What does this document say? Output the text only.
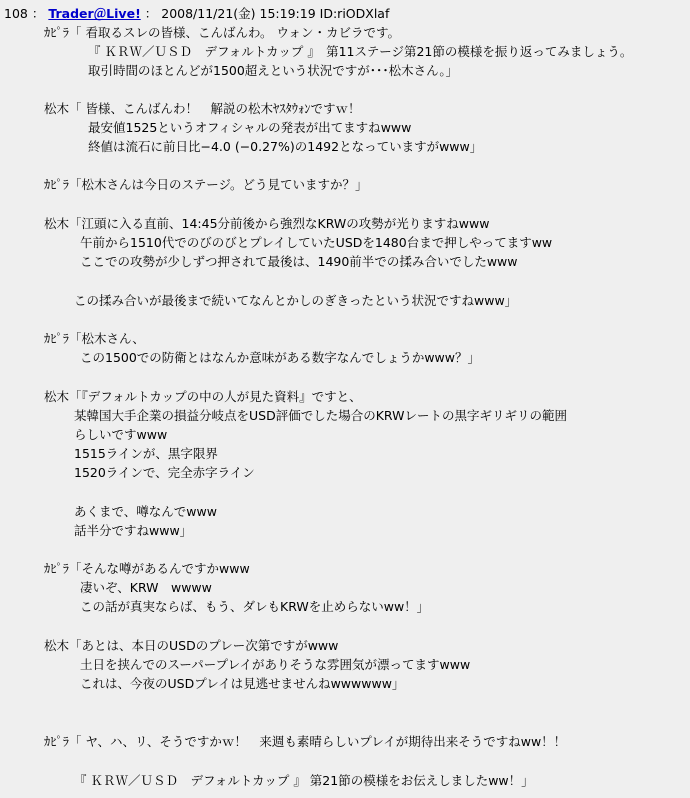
108 ： Trader＠Live! ： 2008/11/21(金) 15:19:19 ID:riODXlaf
ｶﾋﾟﾗ「 看取るスレの皆様、こんばんわ。 ウォン・カビラです。
『 ＫＲＷ／ＵＳＤ　デフォルトカップ 』　第11ステージ第21節の模様を振り返ってみましょう。
取引時間のほとんどが1500超えという状況ですが･･･松木さん。」
松木「 皆様、こんばんわ！　解説の松木ﾔｽﾀｳｫﾝですｗ！
最安値1525というオフィシャルの発表が出てますねwww
終値は流石に前日比−4.0 (−0.27%)の1492となっていますがwww」
ｶﾋﾟﾗ「松木さんは今日のステージ。どう見ていますか？」
松木「江頭に入る直前、14:45分前後から強烈なKRWの攻勢が光りますねwww
午前から1510代でのびのびとプレイしていたUSDを1480台まで押しやってますww
ここでの攻勢が少しずつ押されて最後は、1490前半での揉み合いでしたwww
この揉み合いが最後まで続いてなんとかしのぎきったという状況ですねwww」
ｶﾋﾟﾗ「松木さん、
この1500での防衛とはなんか意味がある数字なんでしょうかwww？」
松木「『デフォルトカップの中の人が見た資料』ですと、
某韓国大手企業の損益分岐点をUSD評価でした場合のKRWレートの黒字ギリギリの範囲
らしいですwww
1515ラインが、黒字限界
1520ラインで、完全赤字ライン
あくまで、噂なんでwww
話半分ですねwww」
ｶﾋﾟﾗ「そんな噂があるんですかwww
凄いぞ、KRW　wwww
この話が真実ならば、もう、ダレもKRWを止めらないww！」
松木「あとは、本日のUSDのプレー次第ですがwww
土日を挟んでのスーパープレイがありそうな雰囲気が漂ってますwww
これは、今夜のUSDプレイは見逃せませんねwwwwww」
ｶﾋﾟﾗ「 ヤ、ハ、リ、そうですかｗ！　来週も素晴らしいプレイが期待出来そうですねww！！
『 ＫＲＷ／ＵＳＤ　デフォルトカップ 』 第21節の模様をお伝えしましたww！」
